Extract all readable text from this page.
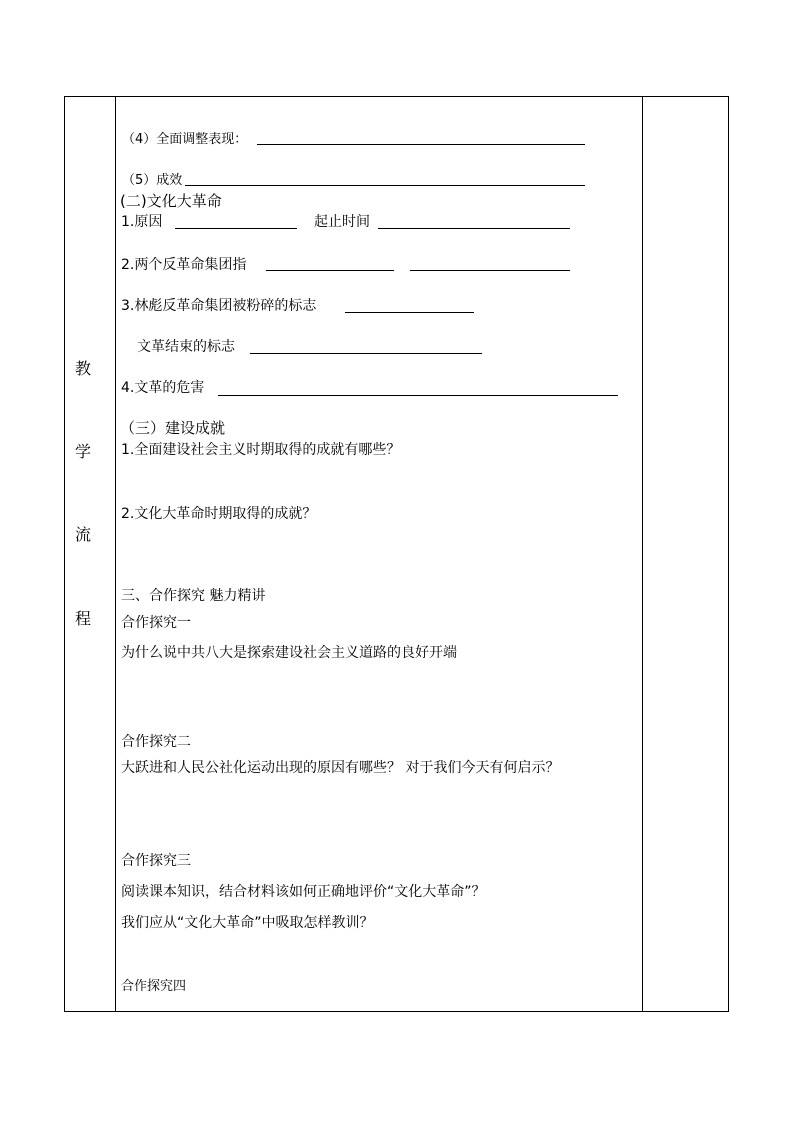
教
学
流
程
（4）全面调整表现：
（5）成效
(二)文化大革命
1.原因	起止时间
2.两个反革命集团指
3.林彪反革命集团被粉碎的标志
文革结束的标志
4.文革的危害
（三）建设成就
1.全面建设社会主义时期取得的成就有哪些？
2.文化大革命时期取得的成就？
三、合作探究 魅力精讲
合作探究一
为什么说中共八大是探索建设社会主义道路的良好开端
合作探究二
大跃进和人民公社化运动出现的原因有哪些？ 对于我们今天有何启示？
合作探究三
阅读课本知识，结合材料该如何正确地评价“文化大革命”？
我们应从“文化大革命”中吸取怎样教训？
合作探究四
